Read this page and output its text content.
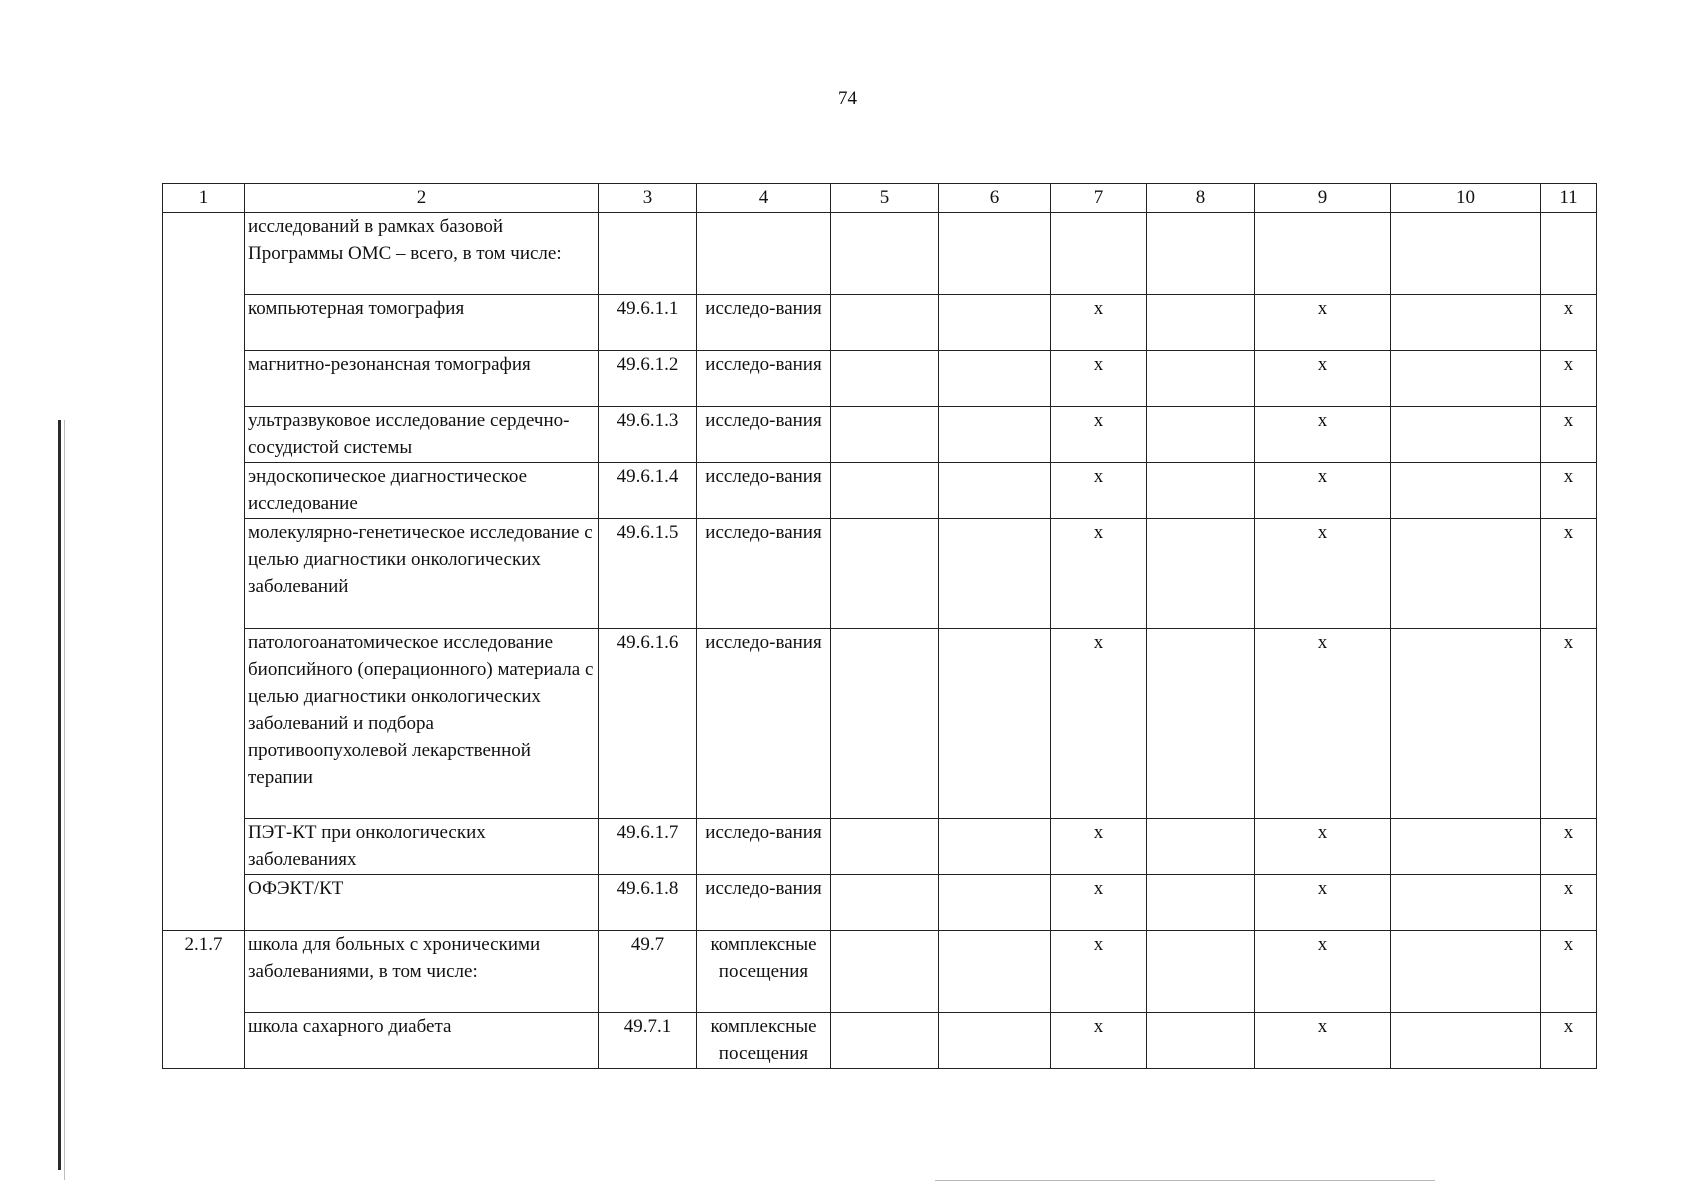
74
1	2	3	4	5	6	7	8	9	10	11
	исследований в рамках базовой Программы ОМС – всего, в том числе:									
	компьютерная томография	49.6.1.1	исследо-вания			х		х		х
	магнитно-резонансная томография	49.6.1.2	исследо-вания			х		х		х
	ультразвуковое исследование сердечно-сосудистой системы	49.6.1.3	исследо-вания			х		х		х
	эндоскопическое диагностическое исследование	49.6.1.4	исследо-вания			х		х		х
	молекулярно-генетическое исследование с целью диагностики онкологических заболеваний	49.6.1.5	исследо-вания			х		х		х
	патологоанатомическое исследование биопсийного (операционного) материала с целью диагностики онкологических заболеваний и подбора противоопухолевой лекарственной терапии	49.6.1.6	исследо-вания			х		х		х
	ПЭТ-КТ при онкологических заболеваниях	49.6.1.7	исследо-вания			х		х		х
	ОФЭКТ/КТ	49.6.1.8	исследо-вания			х		х		х
2.1.7	школа для больных с хроническими заболеваниями, в том числе:	49.7	комплексные посещения			х		х		х
	школа сахарного диабета	49.7.1	комплексные посещения			х		х		х
